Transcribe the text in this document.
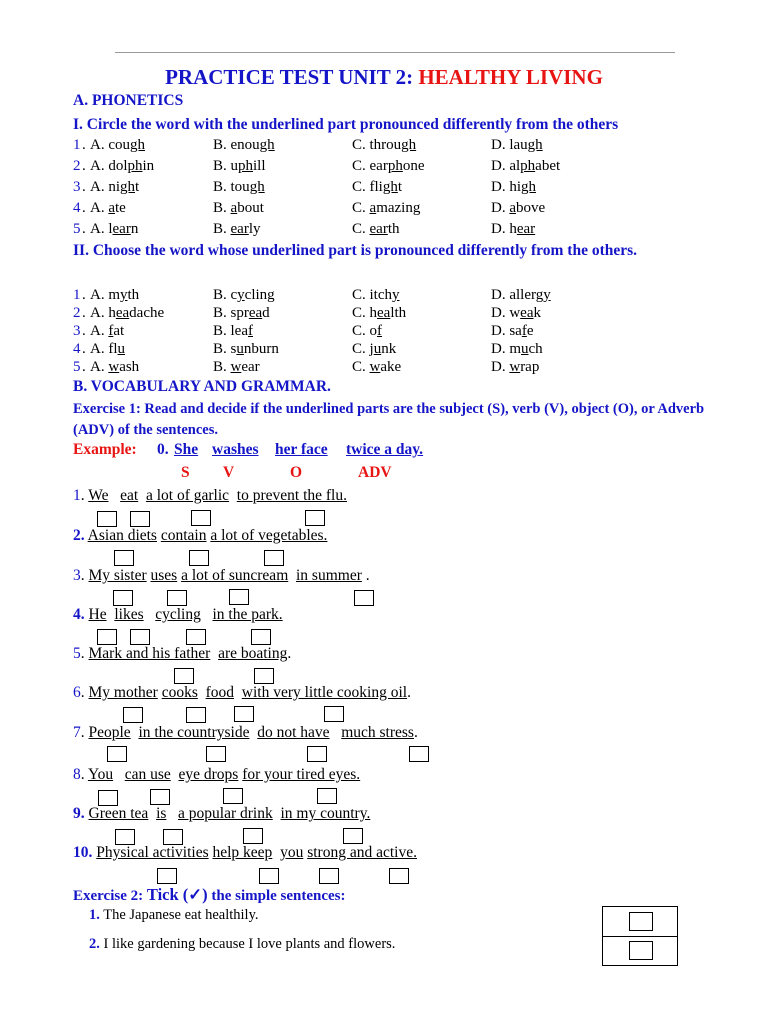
PRACTICE TEST UNIT 2: HEALTHY LIVING
A. PHONETICS
I. Circle the word with the underlined part pronounced differently from the others
1 . A. cough	B. enough	C. through	D. laugh
2 . A. dolphin	B. uphill	C. earphone	D. alphabet
3 . A. night	B. tough	C. flight	D. high
4 . A. ate	B. about	C. amazing	D. above
5 . A. learn	B. early	C. earth	D. hear
II. Choose the word whose underlined part is pronounced differently from the others.
1 . A. myth	B. cycling	C. itchy	D. allergy
2 . A. headache	B. spread	C. health	D. weak
3 . A. fat	B. leaf	C. of	D. safe
4 . A. flu	B. sunburn	C. junk	D. much
5 . A. wash	B. wear	C. wake	D. wrap
B. VOCABULARY AND GRAMMAR.
Exercise 1: Read and decide if the underlined parts are the subject (S), verb (V), object (O), or Adverb (ADV) of the sentences.
Example: 0. She washes her face twice a day.
S V	O	ADV
1. We eat a lot of garlic to prevent the flu.
2. Asian diets contain a lot of vegetables.
3. My sister uses a lot of suncream in summer .
4. He likes cycling in the park.
5. Mark and his father are boating.
6. My mother cooks food with very little cooking oil.
7. People in the countryside do not have much stress.
8. You can use eye drops for your tired eyes.
9. Green tea is a popular drink in my country.
10. Physical activities help keep you strong and active.
Exercise 2: Tick (✓) the simple sentences:
1. The Japanese eat healthily.
2. I like gardening because I love plants and flowers.
